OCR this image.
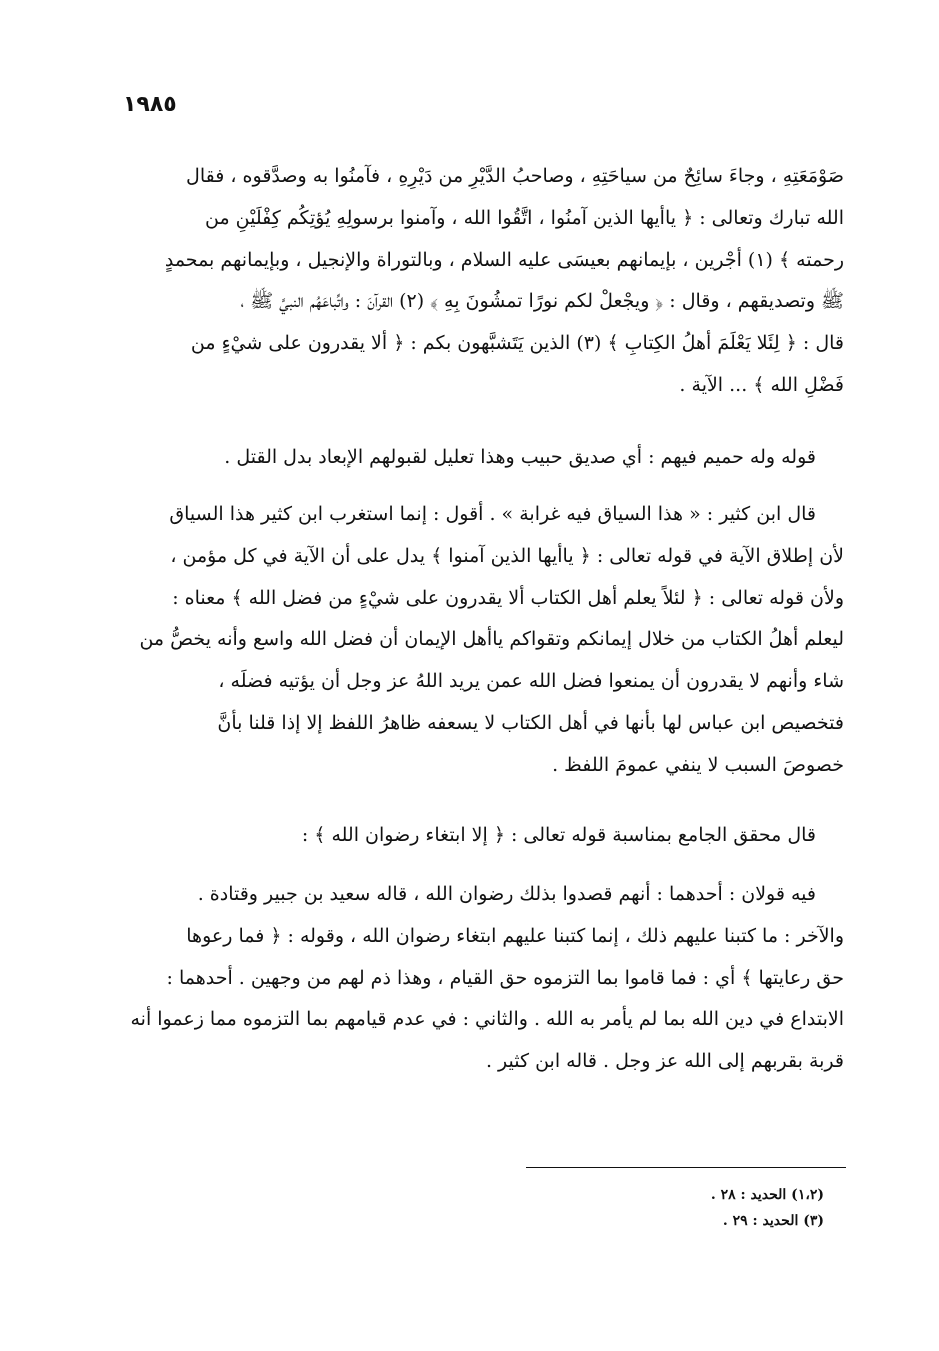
١٩٨٥
صَوْمَعَتِهِ ، وجاءَ سائِحٌ من سياحَتِهِ ، وصاحبُ الدَّيْرِ من دَيْرِهِ ، فآمنُوا به وصدَّقوه ، فقال
الله تبارك وتعالى : ﴿ ياأيها الذين آمنُوا ، اتَّقُوا الله ، وآمنوا برسولِهِ يُؤتِكُم كِفْلَيْنِ من
رحمته ﴾ (١) أجْرين ، بإيمانهم بعيسَى عليه السلام ، وبالتوراة والإنجيل ، وبإيمانهم بمحمدٍ
ﷺ وتصديقهم ، وقال : ﴿ ويجْعلْ لكم نورًا تمشُونَ بِهِ ﴾ (٢) القرآنَ : واتِّباعَهُم النبيَّ ﷺ ،
قال : ﴿ لِئَلا يَعْلَمَ أهلُ الكِتابِ ﴾ (٣) الذين يَتَشبَّهون بكم : ﴿ ألا يقدرون على شيْءٍ من
فَضْلِ الله ﴾ ... الآية .
قوله وله حميم فيهم : أي صديق حبيب وهذا تعليل لقبولهم الإبعاد بدل القتل .
قال ابن كثير : « هذا السياق فيه غرابة » . أقول : إنما استغرب ابن كثير هذا السياق
لأن إطلاق الآية في قوله تعالى : ﴿ ياأيها الذين آمنوا ﴾ يدل على أن الآية في كل مؤمن ،
ولأن قوله تعالى : ﴿ لئلاً يعلم أهل الكتاب ألا يقدرون على شيْءٍ من فضل الله ﴾ معناه :
ليعلم أهلُ الكتاب من خلال إيمانكم وتقواكم ياأهل الإيمان أن فضل الله واسع وأنه يخصُّ من
شاء وأنهم لا يقدرون أن يمنعوا فضل الله عمن يريد اللهُ عز وجل أن يؤتيه فضلَه ،
فتخصيص ابن عباس لها بأنها في أهل الكتاب لا يسعفه ظاهرُ اللفظ إلا إذا قلنا بأنَّ
خصوصَ السبب لا ينفي عمومَ اللفظ .
قال محقق الجامع بمناسبة قوله تعالى : ﴿ إلا ابتغاء رضوان الله ﴾ :
فيه قولان : أحدهما : أنهم قصدوا بذلك رضوان الله ، قاله سعيد بن جبير وقتادة .
والآخر : ما كتبنا عليهم ذلك ، إنما كتبنا عليهم ابتغاء رضوان الله ، وقوله : ﴿ فما رعوها
حق رعايتها ﴾ أي : فما قاموا بما التزموه حق القيام ، وهذا ذم لهم من وجهين . أحدهما :
الابتداع في دين الله بما لم يأمر به الله . والثاني : في عدم قيامهم بما التزموه مما زعموا أنه
قربة بقربهم إلى الله عز وجل . قاله ابن كثير .
(١،٢) الحديد : ٢٨ .
(٣) الحديد : ٢٩ .
